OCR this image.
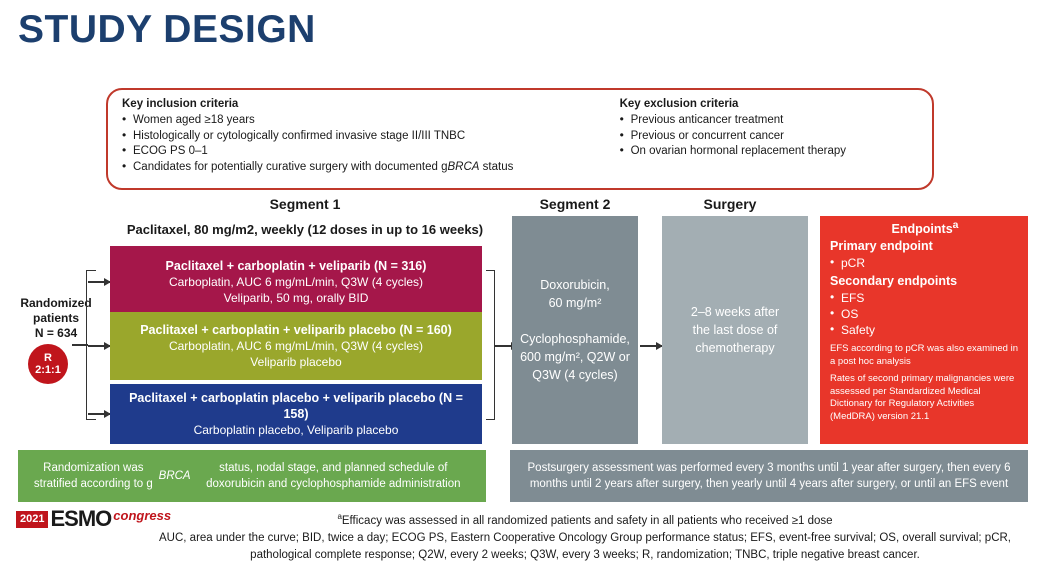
STUDY DESIGN
Key inclusion criteria
• Women aged ≥18 years
• Histologically or cytologically confirmed invasive stage II/III TNBC
• ECOG PS 0–1
• Candidates for potentially curative surgery with documented gBRCA status
Key exclusion criteria
• Previous anticancer treatment
• Previous or concurrent cancer
• On ovarian hormonal replacement therapy
Segment 1	Segment 2	Surgery
Paclitaxel, 80 mg/m2, weekly (12 doses in up to 16 weeks)
Randomized
patients
N = 634
R
2:1:1
Paclitaxel + carboplatin + veliparib (N = 316)
Carboplatin, AUC 6 mg/mL/min, Q3W (4 cycles)
Veliparib, 50 mg, orally BID
Paclitaxel + carboplatin + veliparib placebo (N = 160)
Carboplatin, AUC 6 mg/mL/min, Q3W (4 cycles)
Veliparib placebo
Paclitaxel + carboplatin placebo + veliparib placebo (N = 158)
Carboplatin placebo, Veliparib placebo
Doxorubicin,
60 mg/m²

Cyclophosphamide,
600 mg/m², Q2W or
Q3W (4 cycles)
2–8 weeks after
the last dose of
chemotherapy
Endpoints$^a$
Primary endpoint
• pCR
Secondary endpoints
• EFS
• OS
• Safety
EFS according to pCR was also examined in a post hoc analysis
Rates of second primary malignancies were assessed per Standardized Medical Dictionary for Regulatory Activities (MedDRA) version 21.1
Randomization was stratified according to g
BRCA
status, nodal stage, and planned schedule of doxorubicin and cyclophosphamide administration
Postsurgery assessment was performed every 3 months until 1 year after surgery, then every 6 months until 2 years after surgery, then yearly until 4 years after surgery, or until an EFS event
2021 ESMO congress	$^a$Efficacy was assessed in all randomized patients and safety in all patients who received ≥1 dose
AUC, area under the curve; BID, twice a day; ECOG PS, Eastern Cooperative Oncology Group performance status; EFS, event-free survival; OS, overall survival; pCR, pathological complete response; Q2W, every 2 weeks; Q3W, every 3 weeks; R, randomization; TNBC, triple negative breast cancer.
